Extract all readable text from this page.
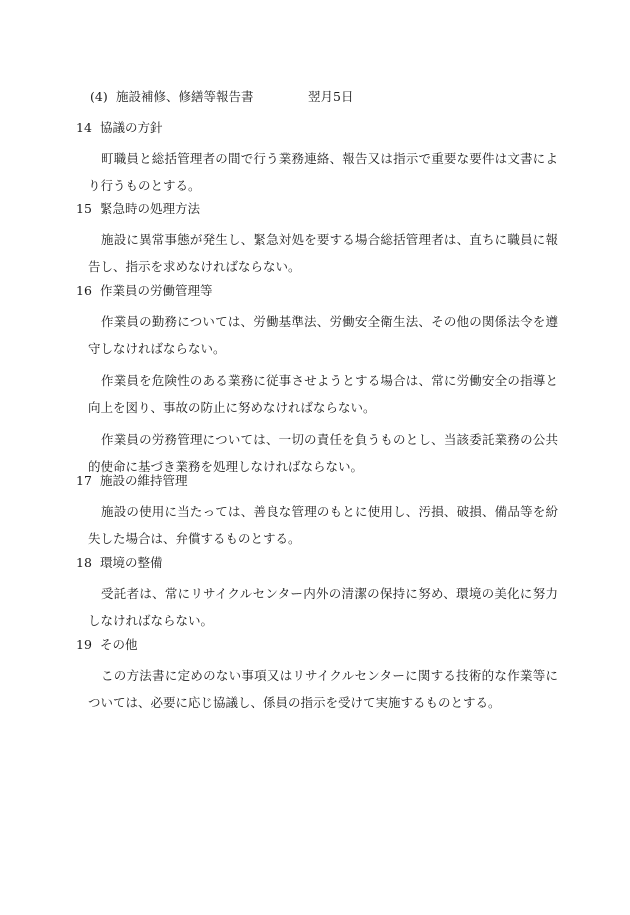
(4) 施設補修、修繕等報告書	翌月5日
14 協議の方針

町職員と総括管理者の間で行う業務連絡、報告又は指示で重要な要件は文書により行うものとする。

15 緊急時の処理方法

施設に異常事態が発生し、緊急対処を要する場合総括管理者は、直ちに職員に報告し、指示を求めなければならない。

16 作業員の労働管理等

作業員の勤務については、労働基準法、労働安全衛生法、その他の関係法令を遵守しなければならない。

作業員を危険性のある業務に従事させようとする場合は、常に労働安全の指導と向上を図り、事故の防止に努めなければならない。

作業員の労務管理については、一切の責任を負うものとし、当該委託業務の公共的使命に基づき業務を処理しなければならない。

17 施設の維持管理

施設の使用に当たっては、善良な管理のもとに使用し、汚損、破損、備品等を紛失した場合は、弁償するものとする。

18 環境の整備

受託者は、常にリサイクルセンター内外の清潔の保持に努め、環境の美化に努力しなければならない。

19 その他

この方法書に定めのない事項又はリサイクルセンターに関する技術的な作業等については、必要に応じ協議し、係員の指示を受けて実施するものとする。
